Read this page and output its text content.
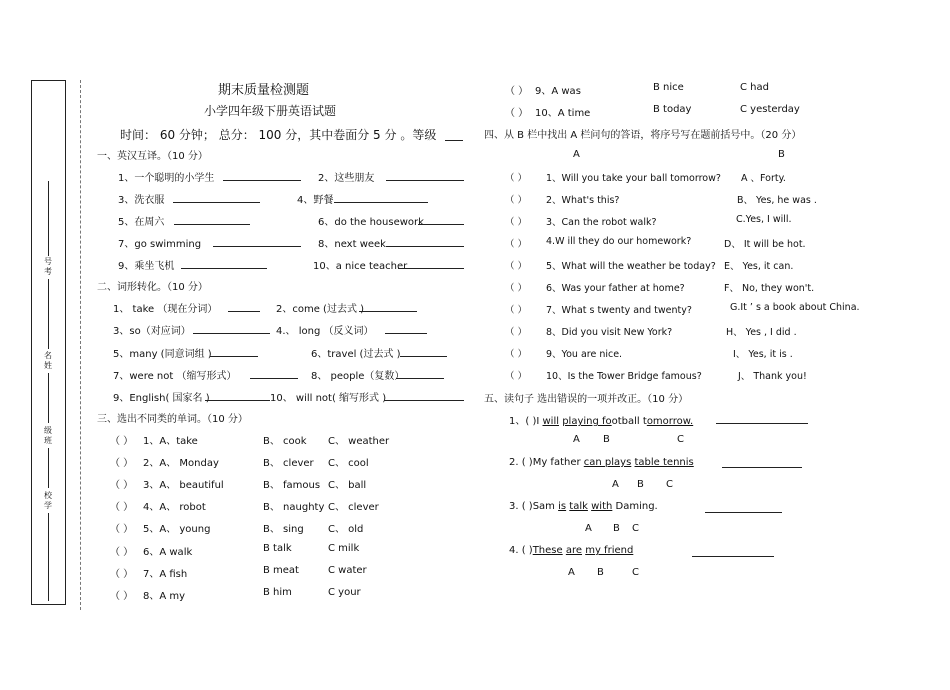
号考
名姓
级班
校学
期末质量检测题
小学四年级下册英语试题
时间： 60 分钟； 总分： 100 分，其中卷面分 5 分 。等级
一、英汉互译。（10 分）
1、一个聪明的小学生	2、这些朋友
3、洗衣服	4、野餐
5、在周六	6、do the housework
7、go swimming	8、next week
9、乘坐飞机	10、a nice teacher
二、词形转化。（10 分）
1、 take （现在分词）	2、come (过去式 )
3、so（对应词）	4.、 long （反义词）
5、many (同意词组 )	6、travel (过去式 )
7、were not （缩写形式）	8、 people（复数）
9、English( 国家名 )	10、 will not( 缩写形式 )
三、选出不同类的单词。（10 分）
（ ） 1、A、take	B、 cook C、 weather
（ ） 2、A、 Monday	B、 clever C、 cool
（ ） 3、A、 beautiful	B、 famous C、 ball
（ ） 4、A、 robot	B、 naughty C、 clever
（ ） 5、A、 young	B、 sing C、 old
（ ） 6、A walk	B talk	C milk
（ ） 7、A fish	B meat	C water
（ ） 8、A my	B him	C your
（ ） 9、A was	B nice	C had
（ ） 10、A time	B today	C yesterday
四、从 B 栏中找出 A 栏问句的答语，将序号写在题前括号中。（20 分）
A	B
（ ） 1、Will you take your ball tomorrow? A 、Forty.
（ ） 2、What's this?	B、 Yes, he was .
（ ） 3、Can the robot walk?	C.Yes, I will.
（ ） 4.W ill they do our homework?	D、 It will be hot.
（ ） 5、What will the weather be today? E、 Yes, it can.
（ ） 6、Was your father at home?	F、 No, they won't.
（ ） 7、What s twenty and twenty?	G.It ’ s a book about China.
（ ） 8、Did you visit New York?	H、 Yes , I did .
（ ） 9、You are nice.	I、 Yes, it is .
（ ） 10、Is the Tower Bridge famous?	J、 Thank you!
五、读句子 选出错误的一项并改正。（10 分）
1、( )I will playing football tomorrow.
A B	C
2. ( )My father can plays table tennis
A B C
3. ( )Sam is talk with Daming.
A B C
4. ( )These are my friend
A B	C
